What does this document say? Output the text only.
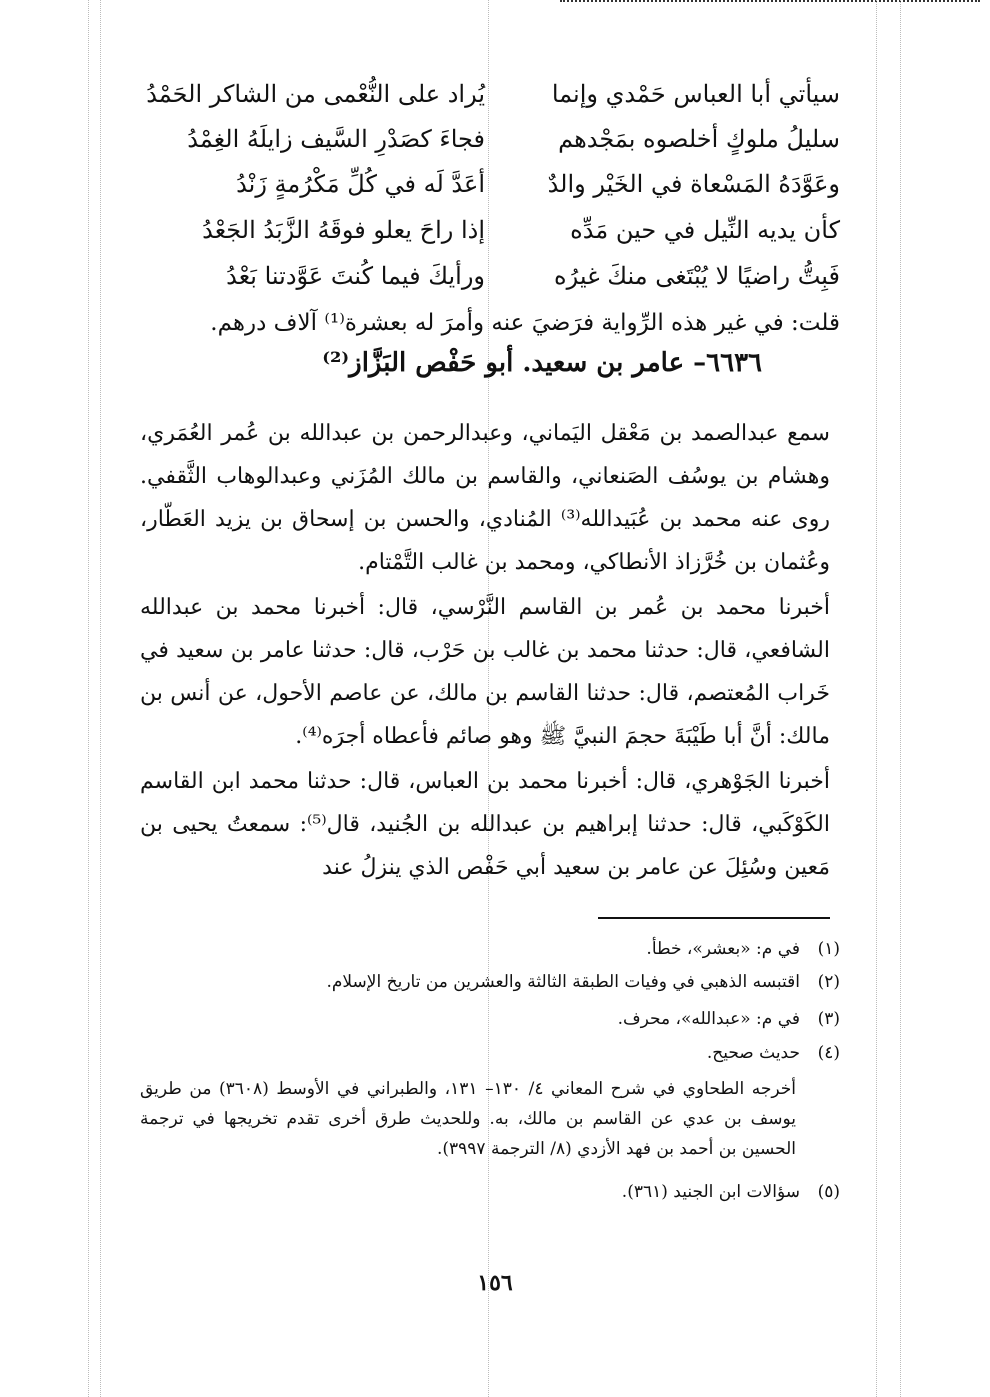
سيأتي أبا العباس حَمْدي وإنما
يُراد على النُّعْمى من الشاكر الحَمْدُ
سليلُ ملوكٍ أخلصوه بمَجْدهم
فجاءَ كصَدْرِ السَّيف زايلَهُ الغِمْدُ
وعَوَّدَهُ المَسْعاة في الخَيْر والدٌ
أعَدَّ لَه في كُلِّ مَكْرُمةٍ زَنْدُ
كأن يديه النِّيل في حين مَدِّه
إذا راحَ يعلو فوقَهُ الزَّبَدُ الجَعْدُ
فَبِتُّ راضيًا لا يُبْتَغى منكَ غيرُه
ورأيكَ فيما كُنتَ عَوَّدتنا بَعْدُ
قلت: في غير هذه الرِّواية فرَضيَ عنه وأمرَ له بعشرة⁽¹⁾ آلاف درهم.
٦٦٣٦– عامر بن سعيد. أبو حَفْص البَزَّاز⁽²⁾
سمع عبدالصمد بن مَعْقل اليَماني، وعبدالرحمن بن عبدالله بن عُمر العُمَري، وهشام بن يوسُف الصَنعاني، والقاسم بن مالك المُزَني وعبدالوهاب الثَّقفي. روى عنه محمد بن عُبَيدالله⁽³⁾ المُنادي، والحسن بن إسحاق بن يزيد العَطّار، وعُثمان بن خُرَّزاذ الأنطاكي، ومحمد بن غالب التَّمْتام.
أخبرنا محمد بن عُمر بن القاسم النَّرْسي، قال: أخبرنا محمد بن عبدالله الشافعي، قال: حدثنا محمد بن غالب بن حَرْب، قال: حدثنا عامر بن سعيد في خَراب المُعتصم، قال: حدثنا القاسم بن مالك، عن عاصم الأحول، عن أنس بن مالك: أنَّ أبا طَيْبَةَ حجمَ النبيَّ ﷺ وهو صائم فأعطاه أجرَه⁽⁴⁾.
أخبرنا الجَوْهري، قال: أخبرنا محمد بن العباس، قال: حدثنا محمد ابن القاسم الكَوْكَبي، قال: حدثنا إبراهيم بن عبدالله بن الجُنيد، قال⁽⁵⁾: سمعتُ يحيى بن مَعين وسُئِلَ عن عامر بن سعيد أبي حَفْص الذي ينزلُ عند
(١)
في م: «بعشر»، خطأ.
(٢)
اقتبسه الذهبي في وفيات الطبقة الثالثة والعشرين من تاريخ الإسلام.
(٣)
في م: «عبدالله»، محرف.
(٤)
حديث صحيح.
أخرجه الطحاوي في شرح المعاني ٤/ ١٣٠– ١٣١، والطبراني في الأوسط (٣٦٠٨) من طريق يوسف بن عدي عن القاسم بن مالك، به. وللحديث طرق أخرى تقدم تخريجها في ترجمة الحسين بن أحمد بن فهد الأزدي (٨/ الترجمة ٣٩٩٧).
(٥)
سؤالات ابن الجنيد (٣٦١).
١٥٦
